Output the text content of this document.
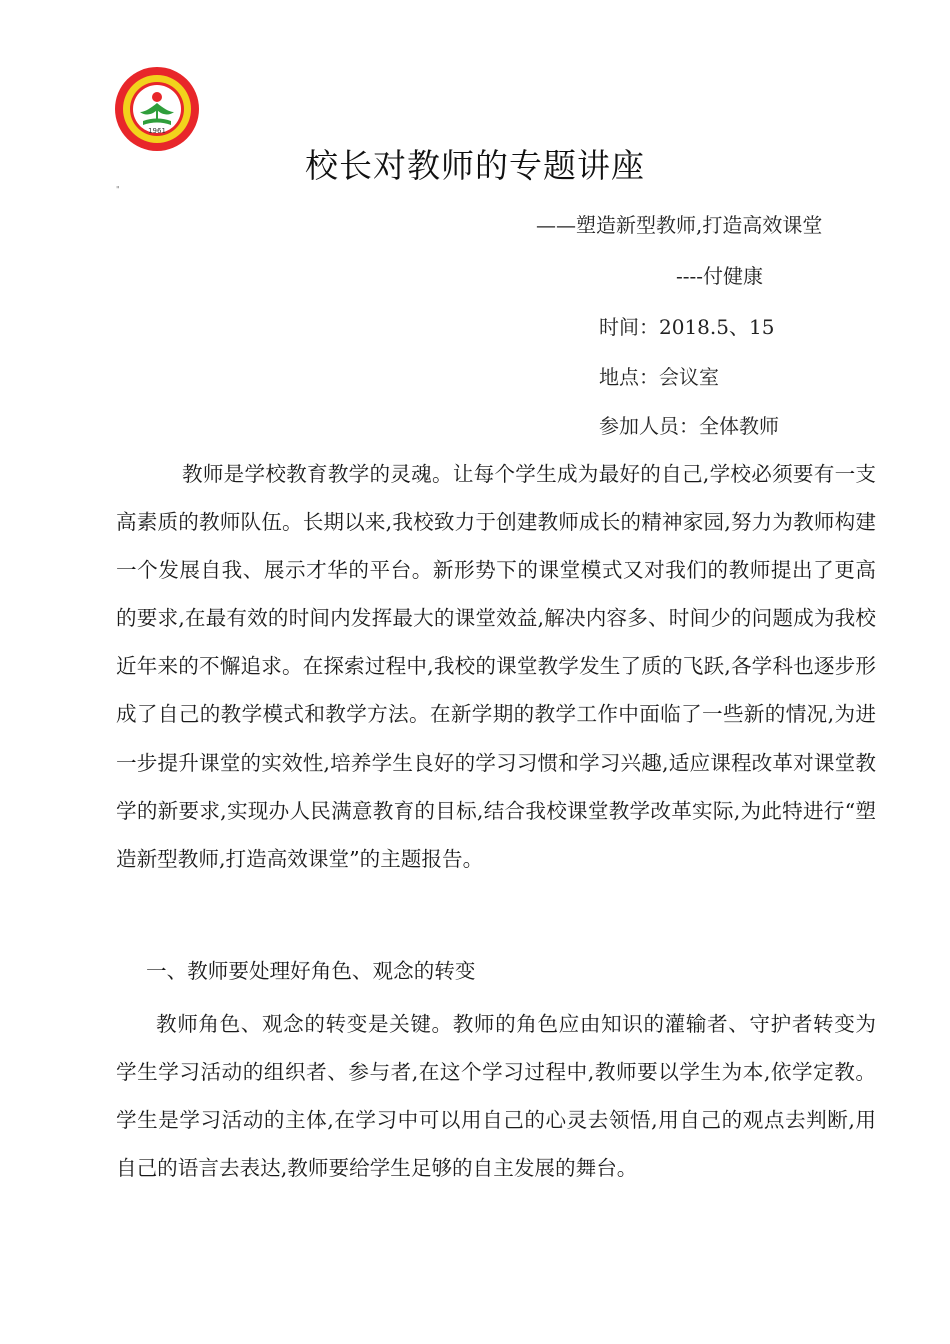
1961
"
校长对教师的专题讲座
——塑造新型教师,打造高效课堂
----付健康
时间：2018.5、15
地点：会议室
参加人员：全体教师

教师是学校教育教学的灵魂。让每个学生成为最好的自己,学校必须要有一支高素质的教师队伍。长期以来,我校致力于创建教师成长的精神家园,努力为教师构建一个发展自我、展示才华的平台。新形势下的课堂模式又对我们的教师提出了更高的要求,在最有效的时间内发挥最大的课堂效益,解决内容多、时间少的问题成为我校近年来的不懈追求。在探索过程中,我校的课堂教学发生了质的飞跃,各学科也逐步形成了自己的教学模式和教学方法。在新学期的教学工作中面临了一些新的情况,为进一步提升课堂的实效性,培养学生良好的学习习惯和学习兴趣,适应课程改革对课堂教学的新要求,实现办人民满意教育的目标,结合我校课堂教学改革实际,为此特进行“塑造新型教师,打造高效课堂”的主题报告。

一、教师要处理好角色、观念的转变

教师角色、观念的转变是关键。教师的角色应由知识的灌输者、守护者转变为学生学习活动的组织者、参与者,在这个学习过程中,教师要以学生为本,依学定教。学生是学习活动的主体,在学习中可以用自己的心灵去领悟,用自己的观点去判断,用自己的语言去表达,教师要给学生足够的自主发展的舞台。
